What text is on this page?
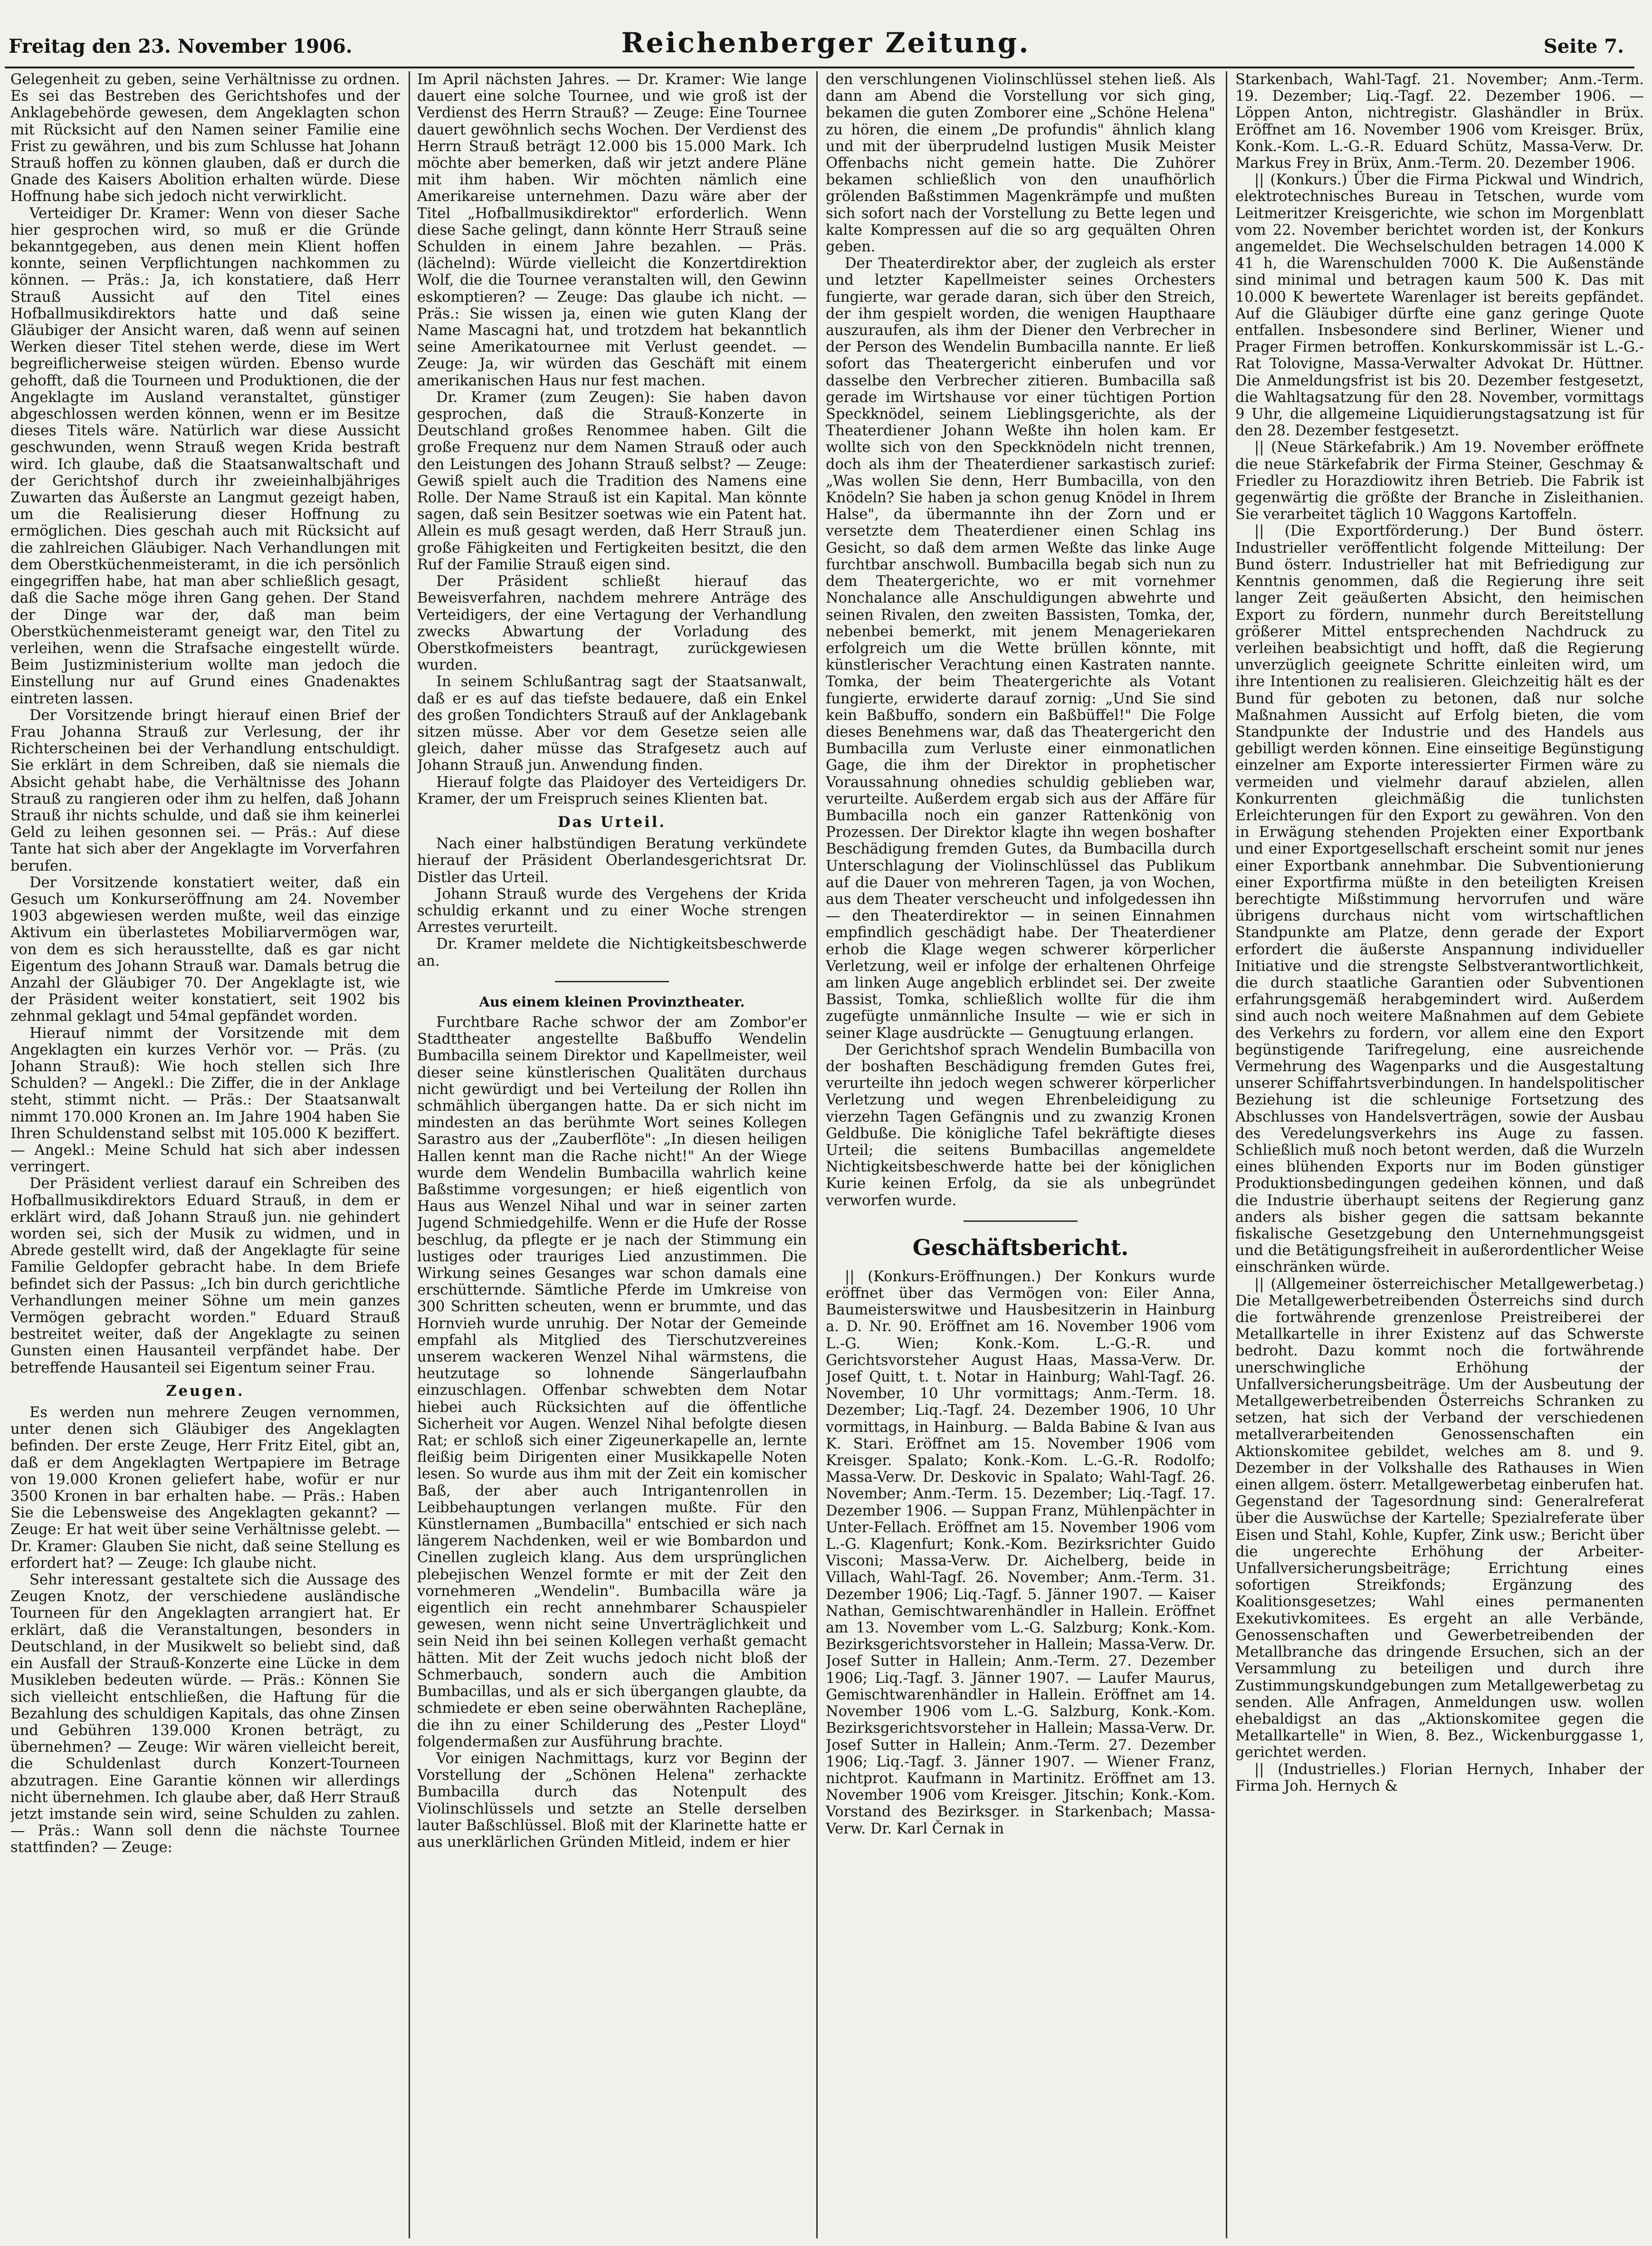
Freitag den 23. November 1906.	Reichenberger Zeitung.	Seite 7.

Gelegenheit zu geben, seine Verhältnisse zu ordnen. Es sei das Bestreben des Gerichtshofes und der Anklagebehörde gewesen, dem Angeklagten schon mit Rücksicht auf den Namen seiner Familie eine Frist zu gewähren, und bis zum Schlusse hat Johann Strauß hoffen zu können glauben, daß er durch die Gnade des Kaisers Abolition erhalten würde. Diese Hoffnung habe sich jedoch nicht verwirklicht.

Verteidiger Dr. Kramer: Wenn von dieser Sache hier gesprochen wird, so muß er die Gründe bekanntgegeben, aus denen mein Klient hoffen konnte, seinen Verpflichtungen nachkommen zu können. — Präs.: Ja, ich konstatiere, daß Herr Strauß Aussicht auf den Titel eines Hofballmusikdirektors hatte und daß seine Gläubiger der Ansicht waren, daß wenn auf seinen Werken dieser Titel stehen werde, diese im Wert begreiflicherweise steigen würden. Ebenso wurde gehofft, daß die Tourneen und Produktionen, die der Angeklagte im Ausland veranstaltet, günstiger abgeschlossen werden können, wenn er im Besitze dieses Titels wäre. Natürlich war diese Aussicht geschwunden, wenn Strauß wegen Krida bestraft wird. Ich glaube, daß die Staatsanwaltschaft und der Gerichtshof durch ihr zweieinhalbjähriges Zuwarten das Äußerste an Langmut gezeigt haben, um die Realisierung dieser Hoffnung zu ermöglichen. Dies geschah auch mit Rücksicht auf die zahlreichen Gläubiger. Nach Verhandlungen mit dem Oberstküchenmeisteramt, in die ich persönlich eingegriffen habe, hat man aber schließlich gesagt, daß die Sache möge ihren Gang gehen. Der Stand der Dinge war der, daß man beim Oberstküchenmeisteramt geneigt war, den Titel zu verleihen, wenn die Strafsache eingestellt würde. Beim Justizministerium wollte man jedoch die Einstellung nur auf Grund eines Gnadenaktes eintreten lassen.

Der Vorsitzende bringt hierauf einen Brief der Frau Johanna Strauß zur Verlesung, der ihr Richterscheinen bei der Verhandlung entschuldigt. Sie erklärt in dem Schreiben, daß sie niemals die Absicht gehabt habe, die Verhältnisse des Johann Strauß zu rangieren oder ihm zu helfen, daß Johann Strauß ihr nichts schulde, und daß sie ihm keinerlei Geld zu leihen gesonnen sei. — Präs.: Auf diese Tante hat sich aber der Angeklagte im Vorverfahren berufen.

Der Vorsitzende konstatiert weiter, daß ein Gesuch um Konkurseröffnung am 24. November 1903 abgewiesen werden mußte, weil das einzige Aktivum ein überlastetes Mobiliarvermögen war, von dem es sich herausstellte, daß es gar nicht Eigentum des Johann Strauß war. Damals betrug die Anzahl der Gläubiger 70. Der Angeklagte ist, wie der Präsident weiter konstatiert, seit 1902 bis zehnmal geklagt und 54mal gepfändet worden.

Hierauf nimmt der Vorsitzende mit dem Angeklagten ein kurzes Verhör vor. — Präs. (zu Johann Strauß): Wie hoch stellen sich Ihre Schulden? — Angekl.: Die Ziffer, die in der Anklage steht, stimmt nicht. — Präs.: Der Staatsanwalt nimmt 170.000 Kronen an. Im Jahre 1904 haben Sie Ihren Schuldenstand selbst mit 105.000 K beziffert. — Angekl.: Meine Schuld hat sich aber indessen verringert.

Der Präsident verliest darauf ein Schreiben des Hofballmusikdirektors Eduard Strauß, in dem er erklärt wird, daß Johann Strauß jun. nie gehindert worden sei, sich der Musik zu widmen, und in Abrede gestellt wird, daß der Angeklagte für seine Familie Geldopfer gebracht habe. In dem Briefe befindet sich der Passus: „Ich bin durch gerichtliche Verhandlungen meiner Söhne um mein ganzes Vermögen gebracht worden." Eduard Strauß bestreitet weiter, daß der Angeklagte zu seinen Gunsten einen Hausanteil verpfändet habe. Der betreffende Hausanteil sei Eigentum seiner Frau.

Zeugen.

Es werden nun mehrere Zeugen vernommen, unter denen sich Gläubiger des Angeklagten befinden. Der erste Zeuge, Herr Fritz Eitel, gibt an, daß er dem Angeklagten Wertpapiere im Betrage von 19.000 Kronen geliefert habe, wofür er nur 3500 Kronen in bar erhalten habe. — Präs.: Haben Sie die Lebensweise des Angeklagten gekannt? — Zeuge: Er hat weit über seine Verhältnisse gelebt. — Dr. Kramer: Glauben Sie nicht, daß seine Stellung es erfordert hat? — Zeuge: Ich glaube nicht.

Sehr interessant gestaltete sich die Aussage des Zeugen Knotz, der verschiedene ausländische Tourneen für den Angeklagten arrangiert hat. Er erklärt, daß die Veranstaltungen, besonders in Deutschland, in der Musikwelt so beliebt sind, daß ein Ausfall der Strauß-Konzerte eine Lücke in dem Musikleben bedeuten würde. — Präs.: Können Sie sich vielleicht entschließen, die Haftung für die Bezahlung des schuldigen Kapitals, das ohne Zinsen und Gebühren 139.000 Kronen beträgt, zu übernehmen? — Zeuge: Wir wären vielleicht bereit, die Schuldenlast durch Konzert-Tourneen abzutragen. Eine Garantie können wir allerdings nicht übernehmen. Ich glaube aber, daß Herr Strauß jetzt imstande sein wird, seine Schulden zu zahlen. — Präs.: Wann soll denn die nächste Tournee stattfinden? — Zeuge:

Im April nächsten Jahres. — Dr. Kramer: Wie lange dauert eine solche Tournee, und wie groß ist der Verdienst des Herrn Strauß? — Zeuge: Eine Tournee dauert gewöhnlich sechs Wochen. Der Verdienst des Herrn Strauß beträgt 12.000 bis 15.000 Mark. Ich möchte aber bemerken, daß wir jetzt andere Pläne mit ihm haben. Wir möchten nämlich eine Amerikareise unternehmen. Dazu wäre aber der Titel „Hofballmusikdirektor" erforderlich. Wenn diese Sache gelingt, dann könnte Herr Strauß seine Schulden in einem Jahre bezahlen. — Präs. (lächelnd): Würde vielleicht die Konzertdirektion Wolf, die die Tournee veranstalten will, den Gewinn eskomptieren? — Zeuge: Das glaube ich nicht. — Präs.: Sie wissen ja, einen wie guten Klang der Name Mascagni hat, und trotzdem hat bekanntlich seine Amerikatournee mit Verlust geendet. — Zeuge: Ja, wir würden das Geschäft mit einem amerikanischen Haus nur fest machen.

Dr. Kramer (zum Zeugen): Sie haben davon gesprochen, daß die Strauß-Konzerte in Deutschland großes Renommee haben. Gilt die große Frequenz nur dem Namen Strauß oder auch den Leistungen des Johann Strauß selbst? — Zeuge: Gewiß spielt auch die Tradition des Namens eine Rolle. Der Name Strauß ist ein Kapital. Man könnte sagen, daß sein Besitzer soetwas wie ein Patent hat. Allein es muß gesagt werden, daß Herr Strauß jun. große Fähigkeiten und Fertigkeiten besitzt, die den Ruf der Familie Strauß eigen sind.

Der Präsident schließt hierauf das Beweisverfahren, nachdem mehrere Anträge des Verteidigers, der eine Vertagung der Verhandlung zwecks Abwartung der Vorladung des Oberstkofmeisters beantragt, zurückgewiesen wurden.

In seinem Schlußantrag sagt der Staatsanwalt, daß er es auf das tiefste bedauere, daß ein Enkel des großen Tondichters Strauß auf der Anklagebank sitzen müsse. Aber vor dem Gesetze seien alle gleich, daher müsse das Strafgesetz auch auf Johann Strauß jun. Anwendung finden.

Hierauf folgte das Plaidoyer des Verteidigers Dr. Kramer, der um Freispruch seines Klienten bat.

Das Urteil.

Nach einer halbstündigen Beratung verkündete hierauf der Präsident Oberlandesgerichtsrat Dr. Distler das Urteil.

Johann Strauß wurde des Vergehens der Krida schuldig erkannt und zu einer Woche strengen Arrestes verurteilt.

Dr. Kramer meldete die Nichtigkeitsbeschwerde an.

Aus einem kleinen Provinztheater.

Furchtbare Rache schwor der am Zombor'er Stadttheater angestellte Baßbuffo Wendelin Bumbacilla seinem Direktor und Kapellmeister, weil dieser seine künstlerischen Qualitäten durchaus nicht gewürdigt und bei Verteilung der Rollen ihn schmählich übergangen hatte. Da er sich nicht im mindesten an das berühmte Wort seines Kollegen Sarastro aus der „Zauberflöte": „In diesen heiligen Hallen kennt man die Rache nicht!" An der Wiege wurde dem Wendelin Bumbacilla wahrlich keine Baßstimme vorgesungen; er hieß eigentlich von Haus aus Wenzel Nihal und war in seiner zarten Jugend Schmiedgehilfe. Wenn er die Hufe der Rosse beschlug, da pflegte er je nach der Stimmung ein lustiges oder trauriges Lied anzustimmen. Die Wirkung seines Gesanges war schon damals eine erschütternde. Sämtliche Pferde im Umkreise von 300 Schritten scheuten, wenn er brummte, und das Hornvieh wurde unruhig. Der Notar der Gemeinde empfahl als Mitglied des Tierschutzvereines unserem wackeren Wenzel Nihal wärmstens, die heutzutage so lohnende Sängerlaufbahn einzuschlagen. Offenbar schwebten dem Notar hiebei auch Rücksichten auf die öffentliche Sicherheit vor Augen. Wenzel Nihal befolgte diesen Rat; er schloß sich einer Zigeunerkapelle an, lernte fleißig beim Dirigenten einer Musikkapelle Noten lesen. So wurde aus ihm mit der Zeit ein komischer Baß, der aber auch Intrigantenrollen in Leibbehauptungen verlangen mußte. Für den Künstlernamen „Bumbacilla" entschied er sich nach längerem Nachdenken, weil er wie Bombardon und Cinellen zugleich klang. Aus dem ursprünglichen plebejischen Wenzel formte er mit der Zeit den vornehmeren „Wendelin". Bumbacilla wäre ja eigentlich ein recht annehmbarer Schauspieler gewesen, wenn nicht seine Unverträglichkeit und sein Neid ihn bei seinen Kollegen verhaßt gemacht hätten. Mit der Zeit wuchs jedoch nicht bloß der Schmerbauch, sondern auch die Ambition Bumbacillas, und als er sich übergangen glaubte, da schmiedete er eben seine oberwähnten Rachepläne, die ihn zu einer Schilderung des „Pester Lloyd" folgendermaßen zur Ausführung brachte.

Vor einigen Nachmittags, kurz vor Beginn der Vorstellung der „Schönen Helena" zerhackte Bumbacilla durch das Notenpult des Violinschlüssels und setzte an Stelle derselben lauter Baßschlüssel. Bloß mit der Klarinette hatte er aus unerklärlichen Gründen Mitleid, indem er hier

den verschlungenen Violinschlüssel stehen ließ. Als dann am Abend die Vorstellung vor sich ging, bekamen die guten Zomborer eine „Schöne Helena" zu hören, die einem „De profundis" ähnlich klang und mit der überprudelnd lustigen Musik Meister Offenbachs nicht gemein hatte. Die Zuhörer bekamen schließlich von den unaufhörlich grölenden Baßstimmen Magenkrämpfe und mußten sich sofort nach der Vorstellung zu Bette legen und kalte Kompressen auf die so arg gequälten Ohren geben.

Der Theaterdirektor aber, der zugleich als erster und letzter Kapellmeister seines Orchesters fungierte, war gerade daran, sich über den Streich, der ihm gespielt worden, die wenigen Haupthaare auszuraufen, als ihm der Diener den Verbrecher in der Person des Wendelin Bumbacilla nannte. Er ließ sofort das Theatergericht einberufen und vor dasselbe den Verbrecher zitieren. Bumbacilla saß gerade im Wirtshause vor einer tüchtigen Portion Speckknödel, seinem Lieblingsgerichte, als der Theaterdiener Johann Weßte ihn holen kam. Er wollte sich von den Speckknödeln nicht trennen, doch als ihm der Theaterdiener sarkastisch zurief: „Was wollen Sie denn, Herr Bumbacilla, von den Knödeln? Sie haben ja schon genug Knödel in Ihrem Halse", da übermannte ihn der Zorn und er versetzte dem Theaterdiener einen Schlag ins Gesicht, so daß dem armen Weßte das linke Auge furchtbar anschwoll. Bumbacilla begab sich nun zu dem Theatergerichte, wo er mit vornehmer Nonchalance alle Anschuldigungen abwehrte und seinen Rivalen, den zweiten Bassisten, Tomka, der, nebenbei bemerkt, mit jenem Menageriekaren erfolgreich um die Wette brüllen könnte, mit künstlerischer Verachtung einen Kastraten nannte. Tomka, der beim Theatergerichte als Votant fungierte, erwiderte darauf zornig: „Und Sie sind kein Baßbuffo, sondern ein Baßbüffel!" Die Folge dieses Benehmens war, daß das Theatergericht den Bumbacilla zum Verluste einer einmonatlichen Gage, die ihm der Direktor in prophetischer Voraussahnung ohnedies schuldig geblieben war, verurteilte. Außerdem ergab sich aus der Affäre für Bumbacilla noch ein ganzer Rattenkönig von Prozessen. Der Direktor klagte ihn wegen boshafter Beschädigung fremden Gutes, da Bumbacilla durch Unterschlagung der Violinschlüssel das Publikum auf die Dauer von mehreren Tagen, ja von Wochen, aus dem Theater verscheucht und infolgedessen ihn — den Theaterdirektor — in seinen Einnahmen empfindlich geschädigt habe. Der Theaterdiener erhob die Klage wegen schwerer körperlicher Verletzung, weil er infolge der erhaltenen Ohrfeige am linken Auge angeblich erblindet sei. Der zweite Bassist, Tomka, schließlich wollte für die ihm zugefügte unmännliche Insulte — wie er sich in seiner Klage ausdrückte — Genugtuung erlangen.

Der Gerichtshof sprach Wendelin Bumbacilla von der boshaften Beschädigung fremden Gutes frei, verurteilte ihn jedoch wegen schwerer körperlicher Verletzung und wegen Ehrenbeleidigung zu vierzehn Tagen Gefängnis und zu zwanzig Kronen Geldbuße. Die königliche Tafel bekräftigte dieses Urteil; die seitens Bumbacillas angemeldete Nichtigkeitsbeschwerde hatte bei der königlichen Kurie keinen Erfolg, da sie als unbegründet verworfen wurde.

Geschäftsbericht.

|| (Konkurs-Eröffnungen.) Der Konkurs wurde eröffnet über das Vermögen von: Eiler Anna, Baumeisterswitwe und Hausbesitzerin in Hainburg a. D. Nr. 90. Eröffnet am 16. November 1906 vom L.-G. Wien; Konk.-Kom. L.-G.-R. und Gerichtsvorsteher August Haas, Massa-Verw. Dr. Josef Quitt, t. t. Notar in Hainburg; Wahl-Tagf. 26. November, 10 Uhr vormittags; Anm.-Term. 18. Dezember; Liq.-Tagf. 24. Dezember 1906, 10 Uhr vormittags, in Hainburg. — Balda Babine & Ivan aus K. Stari. Eröffnet am 15. November 1906 vom Kreisger. Spalato; Konk.-Kom. L.-G.-R. Rodolfo; Massa-Verw. Dr. Deskovic in Spalato; Wahl-Tagf. 26. November; Anm.-Term. 15. Dezember; Liq.-Tagf. 17. Dezember 1906. — Suppan Franz, Mühlenpächter in Unter-Fellach. Eröffnet am 15. November 1906 vom L.-G. Klagenfurt; Konk.-Kom. Bezirksrichter Guido Visconi; Massa-Verw. Dr. Aichelberg, beide in Villach, Wahl-Tagf. 26. November; Anm.-Term. 31. Dezember 1906; Liq.-Tagf. 5. Jänner 1907. — Kaiser Nathan, Gemischtwarenhändler in Hallein. Eröffnet am 13. November vom L.-G. Salzburg; Konk.-Kom. Bezirksgerichtsvorsteher in Hallein; Massa-Verw. Dr. Josef Sutter in Hallein; Anm.-Term. 27. Dezember 1906; Liq.-Tagf. 3. Jänner 1907. — Laufer Maurus, Gemischtwarenhändler in Hallein. Eröffnet am 14. November 1906 vom L.-G. Salzburg, Konk.-Kom. Bezirksgerichtsvorsteher in Hallein; Massa-Verw. Dr. Josef Sutter in Hallein; Anm.-Term. 27. Dezember 1906; Liq.-Tagf. 3. Jänner 1907. — Wiener Franz, nichtprot. Kaufmann in Martinitz. Eröffnet am 13. November 1906 vom Kreisger. Jitschin; Konk.-Kom. Vorstand des Bezirksger. in Starkenbach; Massa-Verw. Dr. Karl Černak in

Starkenbach, Wahl-Tagf. 21. November; Anm.-Term. 19. Dezember; Liq.-Tagf. 22. Dezember 1906. — Löppen Anton, nichtregistr. Glashändler in Brüx. Eröffnet am 16. November 1906 vom Kreisger. Brüx, Konk.-Kom. L.-G.-R. Eduard Schütz, Massa-Verw. Dr. Markus Frey in Brüx, Anm.-Term. 20. Dezember 1906.

|| (Konkurs.) Über die Firma Pickwal und Windrich, elektrotechnisches Bureau in Tetschen, wurde vom Leitmeritzer Kreisgerichte, wie schon im Morgenblatt vom 22. November berichtet worden ist, der Konkurs angemeldet. Die Wechselschulden betragen 14.000 K 41 h, die Warenschulden 7000 K. Die Außenstände sind minimal und betragen kaum 500 K. Das mit 10.000 K bewertete Warenlager ist bereits gepfändet. Auf die Gläubiger dürfte eine ganz geringe Quote entfallen. Insbesondere sind Berliner, Wiener und Prager Firmen betroffen. Konkurskommissär ist L.-G.-Rat Tolovigne, Massa-Verwalter Advokat Dr. Hüttner. Die Anmeldungsfrist ist bis 20. Dezember festgesetzt, die Wahltagsatzung für den 28. November, vormittags 9 Uhr, die allgemeine Liquidierungstagsatzung ist für den 28. Dezember festgesetzt.

|| (Neue Stärkefabrik.) Am 19. November eröffnete die neue Stärkefabrik der Firma Steiner, Geschmay & Friedler zu Horazdiowitz ihren Betrieb. Die Fabrik ist gegenwärtig die größte der Branche in Zisleithanien. Sie verarbeitet täglich 10 Waggons Kartoffeln.

|| (Die Exportförderung.) Der Bund österr. Industrieller veröffentlicht folgende Mitteilung: Der Bund österr. Industrieller hat mit Befriedigung zur Kenntnis genommen, daß die Regierung ihre seit langer Zeit geäußerten Absicht, den heimischen Export zu fördern, nunmehr durch Bereitstellung größerer Mittel entsprechenden Nachdruck zu verleihen beabsichtigt und hofft, daß die Regierung unverzüglich geeignete Schritte einleiten wird, um ihre Intentionen zu realisieren. Gleichzeitig hält es der Bund für geboten zu betonen, daß nur solche Maßnahmen Aussicht auf Erfolg bieten, die vom Standpunkte der Industrie und des Handels aus gebilligt werden können. Eine einseitige Begünstigung einzelner am Exporte interessierter Firmen wäre zu vermeiden und vielmehr darauf abzielen, allen Konkurrenten gleichmäßig die tunlichsten Erleichterungen für den Export zu gewähren. Von den in Erwägung stehenden Projekten einer Exportbank und einer Exportgesellschaft erscheint somit nur jenes einer Exportbank annehmbar. Die Subventionierung einer Exportfirma müßte in den beteiligten Kreisen berechtigte Mißstimmung hervorrufen und wäre übrigens durchaus nicht vom wirtschaftlichen Standpunkte am Platze, denn gerade der Export erfordert die äußerste Anspannung individueller Initiative und die strengste Selbstverantwortlichkeit, die durch staatliche Garantien oder Subventionen erfahrungsgemäß herabgemindert wird. Außerdem sind auch noch weitere Maßnahmen auf dem Gebiete des Verkehrs zu fordern, vor allem eine den Export begünstigende Tarifregelung, eine ausreichende Vermehrung des Wagenparks und die Ausgestaltung unserer Schiffahrtsverbindungen. In handelspolitischer Beziehung ist die schleunige Fortsetzung des Abschlusses von Handelsverträgen, sowie der Ausbau des Veredelungsverkehrs ins Auge zu fassen. Schließlich muß noch betont werden, daß die Wurzeln eines blühenden Exports nur im Boden günstiger Produktionsbedingungen gedeihen können, und daß die Industrie überhaupt seitens der Regierung ganz anders als bisher gegen die sattsam bekannte fiskalische Gesetzgebung den Unternehmungsgeist und die Betätigungsfreiheit in außerordentlicher Weise einschränken würde.

|| (Allgemeiner österreichischer Metallgewerbetag.) Die Metallgewerbetreibenden Österreichs sind durch die fortwährende grenzenlose Preistreiberei der Metallkartelle in ihrer Existenz auf das Schwerste bedroht. Dazu kommt noch die fortwährende unerschwingliche Erhöhung der Unfallversicherungsbeiträge. Um der Ausbeutung der Metallgewerbetreibenden Österreichs Schranken zu setzen, hat sich der Verband der verschiedenen metallverarbeitenden Genossenschaften ein Aktionskomitee gebildet, welches am 8. und 9. Dezember in der Volkshalle des Rathauses in Wien einen allgem. österr. Metallgewerbetag einberufen hat. Gegenstand der Tagesordnung sind: Generalreferat über die Auswüchse der Kartelle; Spezialreferate über Eisen und Stahl, Kohle, Kupfer, Zink usw.; Bericht über die ungerechte Erhöhung der Arbeiter-Unfallversicherungsbeiträge; Errichtung eines sofortigen Streikfonds; Ergänzung des Koalitionsgesetzes; Wahl eines permanenten Exekutivkomitees. Es ergeht an alle Verbände, Genossenschaften und Gewerbetreibenden der Metallbranche das dringende Ersuchen, sich an der Versammlung zu beteiligen und durch ihre Zustimmungskundgebungen zum Metallgewerbetag zu senden. Alle Anfragen, Anmeldungen usw. wollen ehebaldigst an das „Aktionskomitee gegen die Metallkartelle" in Wien, 8. Bez., Wickenburggasse 1, gerichtet werden.

|| (Industrielles.) Florian Hernych, Inhaber der Firma Joh. Hernych &
